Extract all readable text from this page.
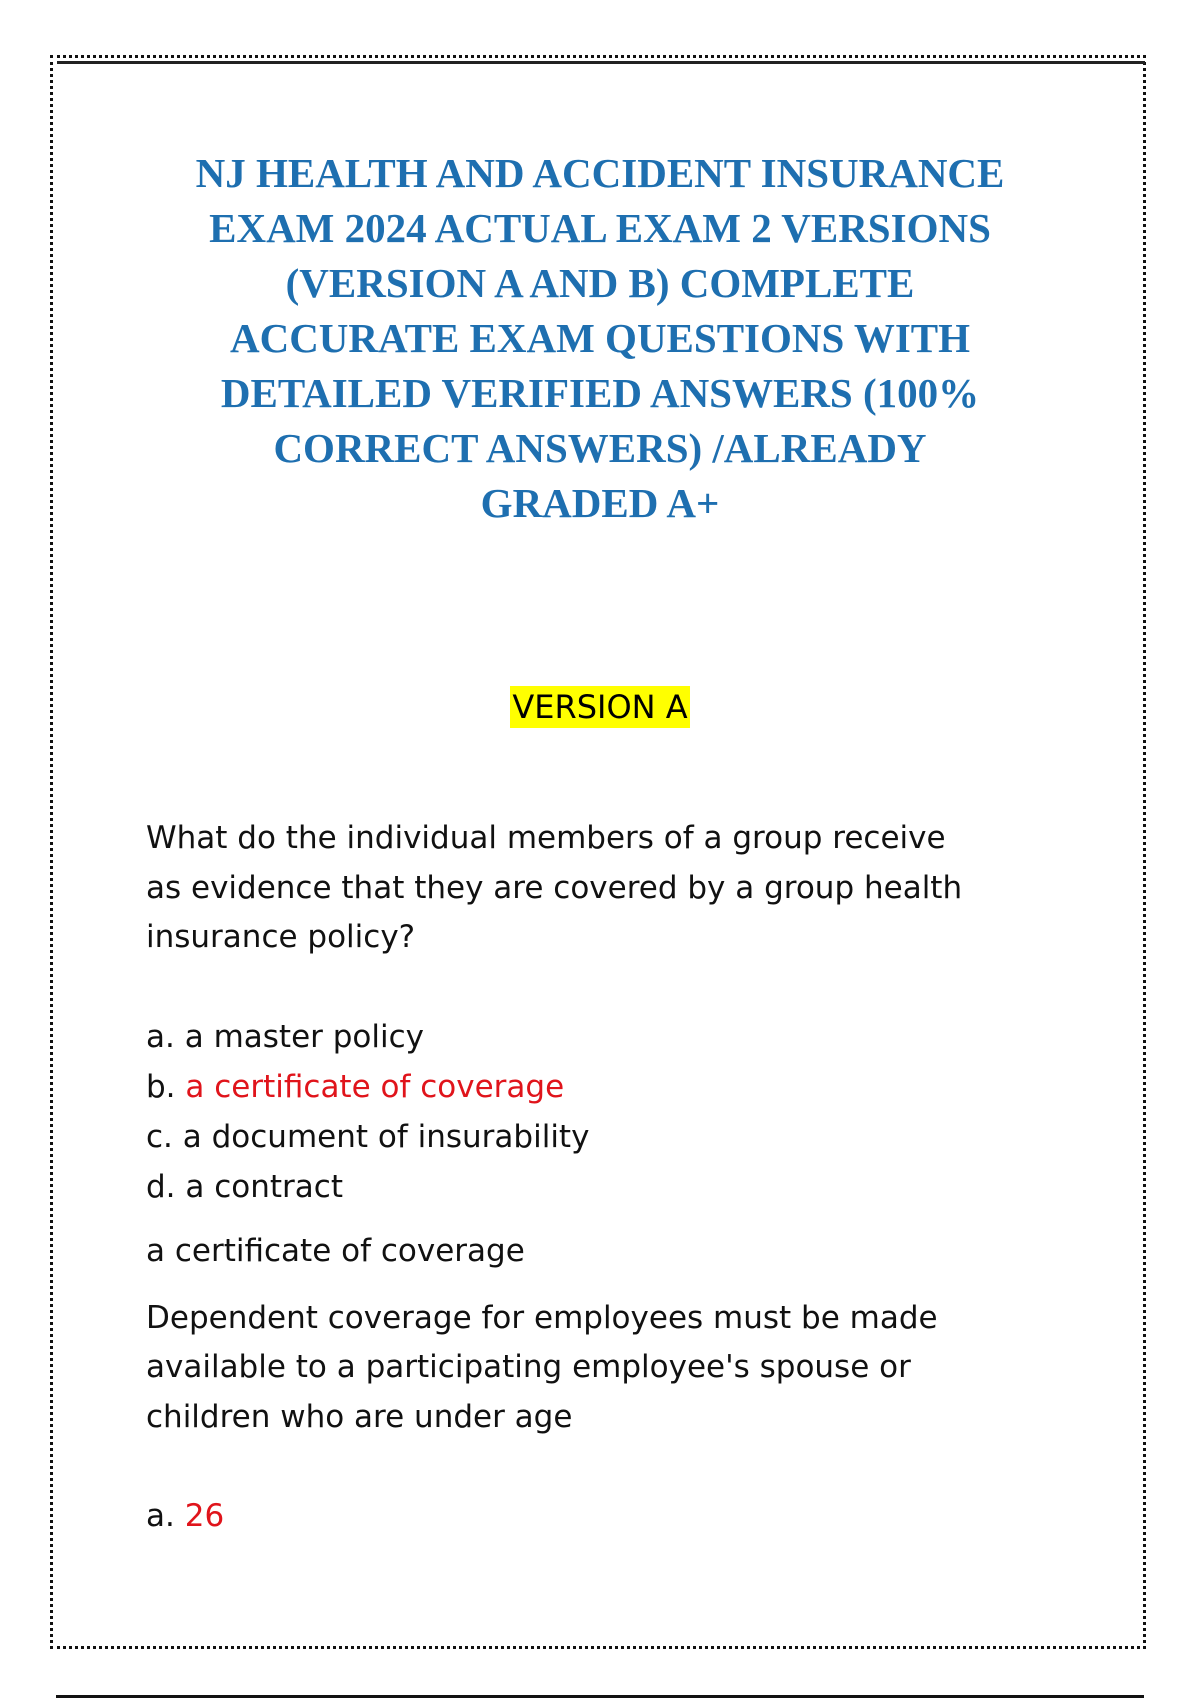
NJ HEALTH AND ACCIDENT INSURANCE
EXAM 2024 ACTUAL EXAM 2 VERSIONS
(VERSION A AND B) COMPLETE
ACCURATE EXAM QUESTIONS WITH
DETAILED VERIFIED ANSWERS (100%
CORRECT ANSWERS) /ALREADY
GRADED A+
VERSION A
What do the individual members of a group receive
as evidence that they are covered by a group health
insurance policy?
a. a master policy
b. a certificate of coverage
c. a document of insurability
d. a contract
a certificate of coverage
Dependent coverage for employees must be made
available to a participating employee's spouse or
children who are under age
a. 26
